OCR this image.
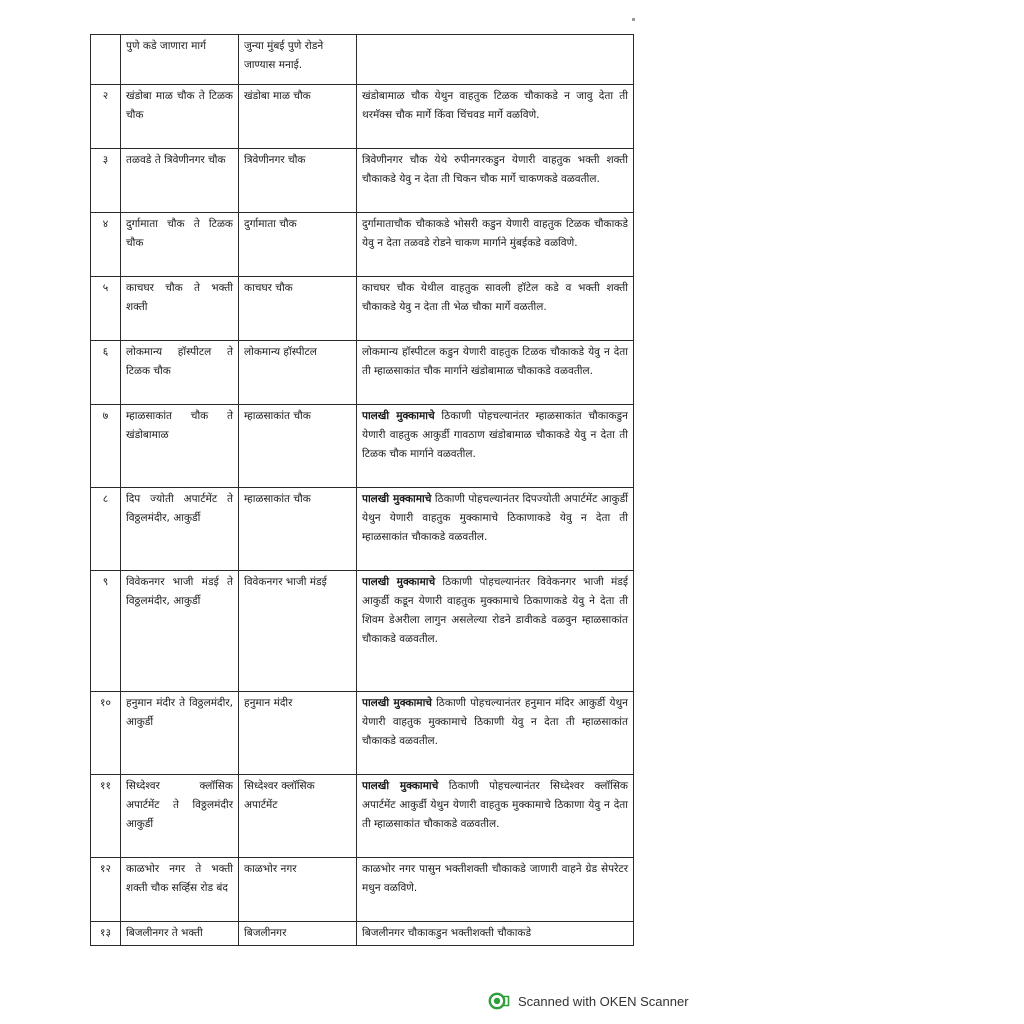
	पुणे कडे जाणारा मार्ग	जुन्या मुंबई पुणे रोडने जाण्यास मनाई.	
२	खंडोबा माळ चौक ते टिळक चौक	खंडोबा माळ चौक	खंडोबामाळ चौक येथुन वाहतुक टिळक चौकाकडे न जावु देता ती थरमॅक्स चौक मार्गे किंवा चिंचवड मार्गे वळविणे.
३	तळवडे ते त्रिवेणीनगर चौक	त्रिवेणीनगर चौक	त्रिवेणीनगर चौक येथे रुपीनगरकडुन येणारी वाहतुक भक्ती शक्ती चौकाकडे येवु न देता ती चिकन चौक मार्गे चाकणकडे वळवतील.
४	दुर्गामाता चौक ते टिळक चौक	दुर्गामाता चौक	दुर्गामाताचौक चौकाकडे भोसरी कडुन येणारी वाहतुक टिळक चौकाकडे येवु न देता तळवडे रोडने चाकण मार्गाने मुंबईकडे वळविणे.
५	काचघर चौक ते भक्ती शक्ती	काचघर चौक	काचघर चौक येथील वाहतुक सावली हॉटेल कडे व भक्ती शक्ती चौकाकडे येवु न देता ती भेळ चौका मार्गे वळतील.
६	लोकमान्य हॉस्पीटल ते टिळक चौक	लोकमान्य हॉस्पीटल	लोकमान्य हॉस्पीटल कडुन येणारी वाहतुक टिळक चौकाकडे येवु न देता ती म्हाळसाकांत चौक मार्गाने खंडोबामाळ चौकाकडे वळवतील.
७	म्हाळसाकांत चौक ते खंडोबामाळ	म्हाळसाकांत चौक	पालखी मुक्कामाचे ठिकाणी पोहचल्यानंतर म्हाळसाकांत चौकाकडुन येणारी वाहतुक आकुर्डी गावठाण खंडोबामाळ चौकाकडे येवु न देता ती टिळक चौक मार्गाने वळवतील.
८	दिप ज्योती अपार्टमेंट ते विठ्ठलमंदीर, आकुर्डी	म्हाळसाकांत चौक	पालखी मुक्कामाचे ठिकाणी पोहचल्यानंतर दिपज्योती अपार्टमेंट आकुर्डी येथुन येणारी वाहतुक मुक्कामाचे ठिकाणाकडे येवु न देता ती म्हाळसाकांत चौकाकडे वळवतील.
९	विवेकनगर भाजी मंडई ते विठ्ठलमंदीर, आकुर्डी	विवेकनगर भाजी मंडई	पालखी मुक्कामाचे ठिकाणी पोहचल्यानंतर विवेकनगर भाजी मंडई आकुर्डी कडून येणारी वाहतुक मुक्कामाचे ठिकाणाकडे येवु ने देता ती शिवम डेअरीला लागुन असलेल्या रोडने डावीकडे वळवुन म्हाळसाकांत चौकाकडे वळवतील.
१०	हनुमान मंदीर ते विठ्ठलमंदीर, आकुर्डी	हनुमान मंदीर	पालखी मुक्कामाचे ठिकाणी पोहचल्यानंतर हनुमान मंदिर आकुर्डी येथुन येणारी वाहतुक मुक्कामाचे ठिकाणी येवु न देता ती म्हाळसाकांत चौकाकडे वळवतील.
११	सिध्देश्वर क्लॉसिक अपार्टमेंट ते विठ्ठलमंदीर आकुर्डी	सिध्देश्वर क्लॉसिक अपार्टमेंट	पालखी मुक्कामाचे ठिकाणी पोहचल्यानंतर सिध्देश्वर क्लॉसिक अपार्टमेंट आकुर्डी येथुन येणारी वाहतुक मुक्कामाचे ठिकाणा येवु न देता ती म्हाळसाकांत चौकाकडे वळवतील.
१२	काळभोर नगर ते भक्ती शक्ती चौक सर्व्हिस रोड बंद	काळभोर नगर	काळभोर नगर पासुन भक्तीशक्ती चौकाकडे जाणारी वाहने ग्रेड सेपरेटर मधुन वळविणे.
१३	बिजलीनगर ते भक्ती	बिजलीनगर	बिजलीनगर चौकाकडुन भक्तीशक्ती चौकाकडे
Scanned with OKEN Scanner
